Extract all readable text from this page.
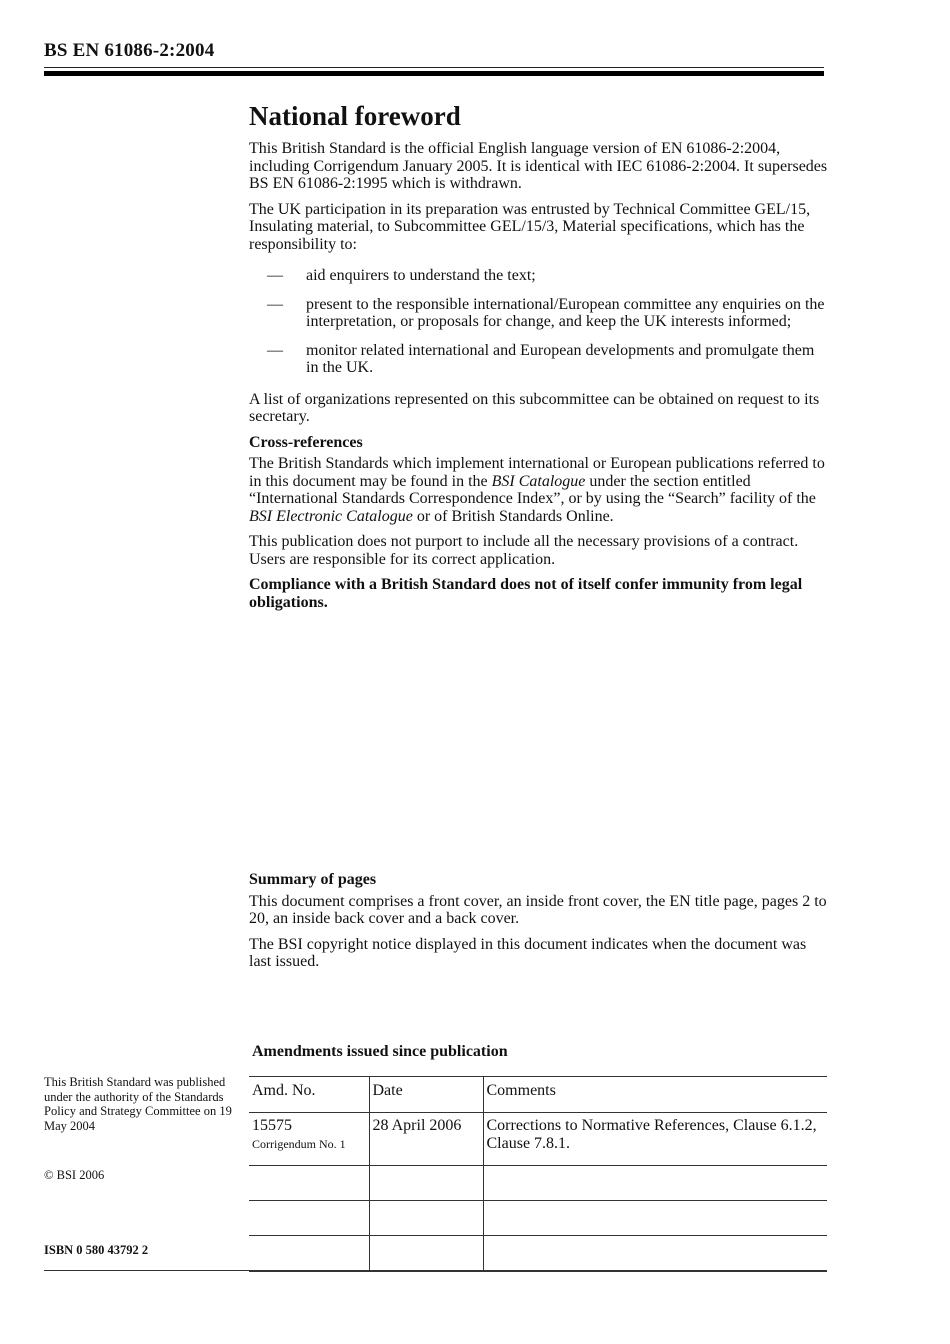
BS EN 61086-2:2004
National foreword

This British Standard is the official English language version of EN 61086-2:2004, including Corrigendum January 2005. It is identical with IEC 61086-2:2004. It supersedes BS EN 61086-2:1995 which is withdrawn.

The UK participation in its preparation was entrusted by Technical Committee GEL/15, Insulating material, to Subcommittee GEL/15/3, Material specifications, which has the responsibility to:

— aid enquirers to understand the text;
— present to the responsible international/European committee any enquiries on the interpretation, or proposals for change, and keep the UK interests informed;
— monitor related international and European developments and promulgate them in the UK.

A list of organizations represented on this subcommittee can be obtained on request to its secretary.

Cross-references

The British Standards which implement international or European publications referred to in this document may be found in the BSI Catalogue under the section entitled “International Standards Correspondence Index”, or by using the “Search” facility of the BSI Electronic Catalogue or of British Standards Online.

This publication does not purport to include all the necessary provisions of a contract. Users are responsible for its correct application.

Compliance with a British Standard does not of itself confer immunity from legal obligations.

Summary of pages

This document comprises a front cover, an inside front cover, the EN title page, pages 2 to 20, an inside back cover and a back cover.

The BSI copyright notice displayed in this document indicates when the document was last issued.

Amendments issued since publication
Amd. No.	Date	Comments
15575
Corrigendum No. 1	28 April 2006	Corrections to Normative References, Clause 6.1.2, Clause 7.8.1.

This British Standard was published under the authority of the Standards Policy and Strategy Committee on 19 May 2004
© BSI 2006
ISBN 0 580 43792 2
